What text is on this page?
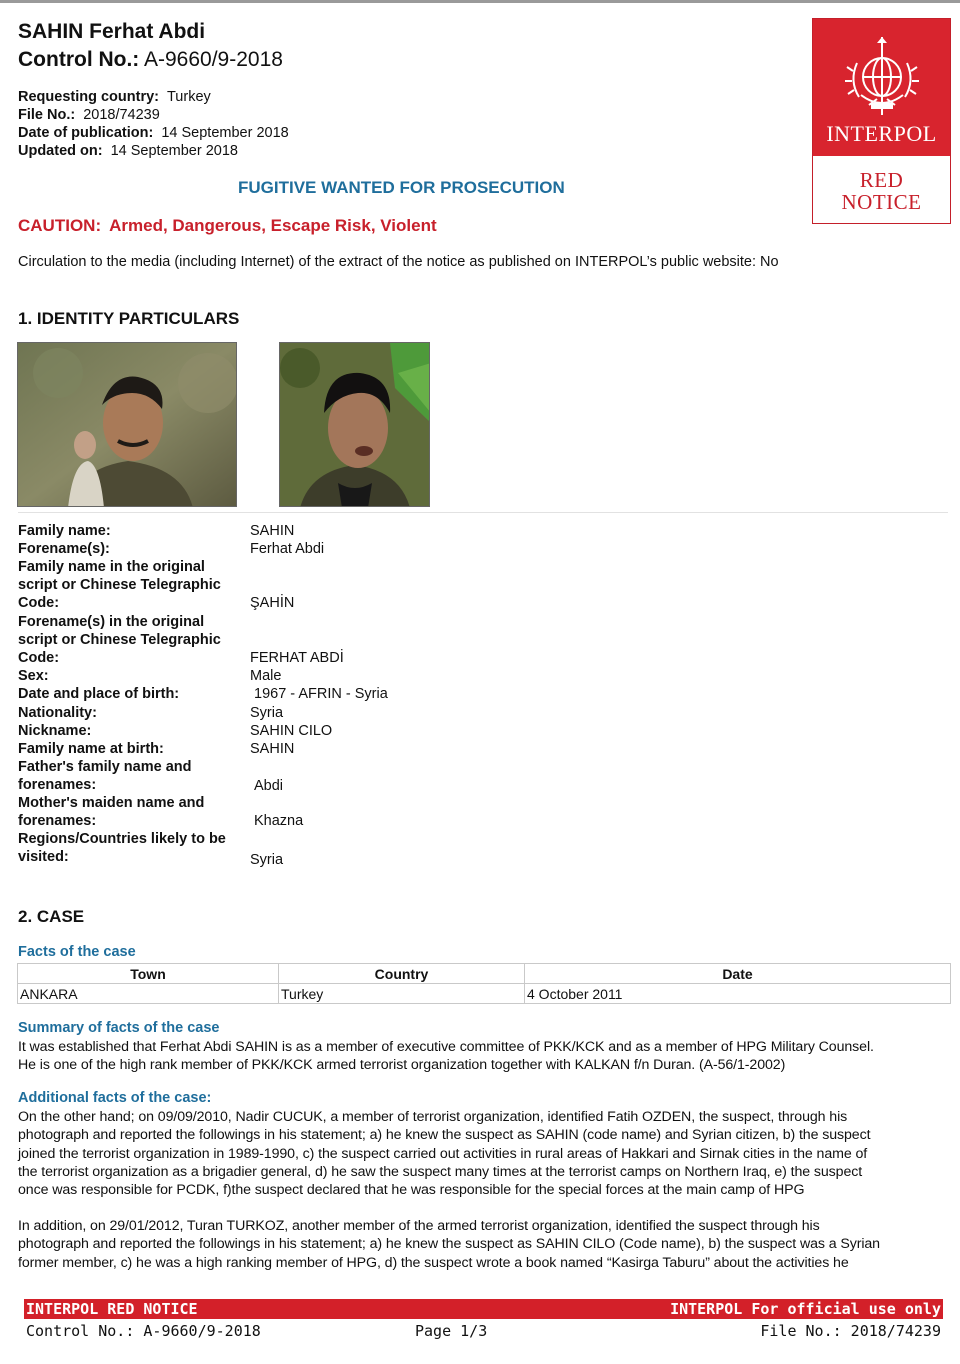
SAHIN Ferhat Abdi
Control No.: A-9660/9-2018
Requesting country: Turkey
File No.: 2018/74239
Date of publication: 14 September 2018
Updated on: 14 September 2018
FUGITIVE WANTED FOR PROSECUTION
CAUTION: Armed, Dangerous, Escape Risk, Violent
Circulation to the media (including Internet) of the extract of the notice as published on INTERPOL’s public website: No
INTERPOL
RED
NOTICE
1. IDENTITY PARTICULARS
Family name:	SAHIN
Forename(s):	Ferhat Abdi
Family name in the original script or Chinese Telegraphic Code:	ŞAHİN
Forename(s) in the original script or Chinese Telegraphic Code:	FERHAT ABDİ
Sex:	Male
Date and place of birth:	1967 - AFRIN - Syria
Nationality:	Syria
Nickname:	SAHIN CILO
Family name at birth:	SAHIN
Father's family name and forenames:	Abdi
Mother's maiden name and forenames:	Khazna
Regions/Countries likely to be visited:	Syria
2. CASE
Facts of the case
Town	Country	Date
ANKARA	Turkey	4 October 2011
Summary of facts of the case
It was established that Ferhat Abdi SAHIN is as a member of executive committee of PKK/KCK and as a member of HPG Military Counsel.
He is one of the high rank member of PKK/KCK armed terrorist organization together with KALKAN f/n Duran. (A-56/1-2002)
Additional facts of the case:
On the other hand; on 09/09/2010, Nadir CUCUK, a member of terrorist organization, identified Fatih OZDEN, the suspect, through his
photograph and reported the followings in his statement; a) he knew the suspect as SAHIN (code name) and Syrian citizen, b) the suspect
joined the terrorist organization in 1989-1990, c) the suspect carried out activities in rural areas of Hakkari and Sirnak cities in the name of
the terrorist organization as a brigadier general, d) he saw the suspect many times at the terrorist camps on Northern Iraq, e) the suspect
once was responsible for PCDK, f)the suspect declared that he was responsible for the special forces at the main camp of HPG
In addition, on 29/01/2012, Turan TURKOZ, another member of the armed terrorist organization, identified the suspect through his
photograph and reported the followings in his statement; a) he knew the suspect as SAHIN CILO (Code name), b) the suspect was a Syrian
former member, c) he was a high ranking member of HPG, d) the suspect wrote a book named “Kasirga Taburu” about the activities he
INTERPOL RED NOTICE	INTERPOL For official use only
Control No.: A-9660/9-2018	Page 1/3	File No.: 2018/74239
